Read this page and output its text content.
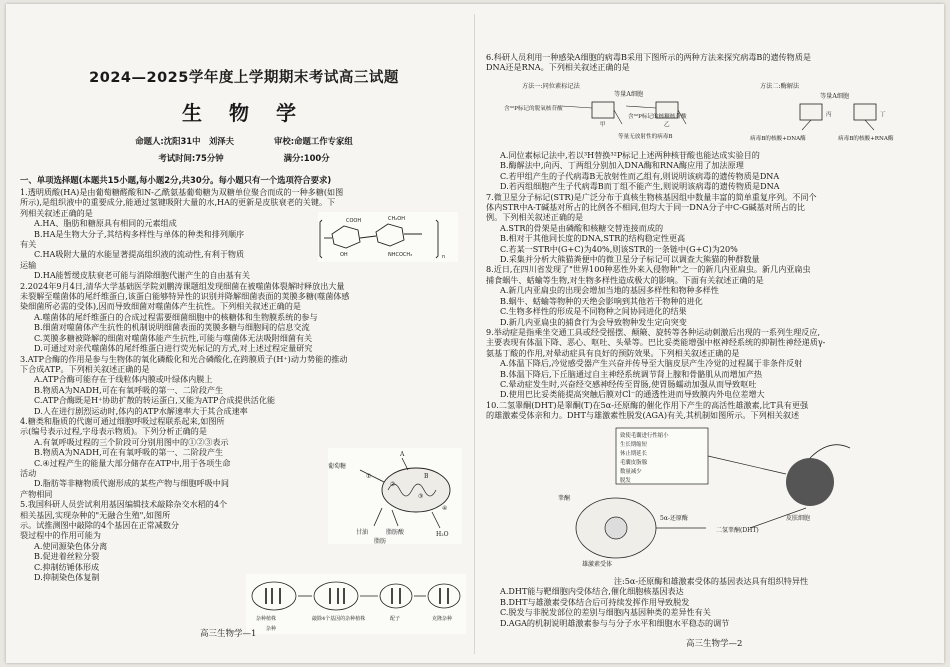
2024—2025学年度上学期期末考试高三试题

生 物 学

命题人:沈阳31中　刘泽夫	审校:命题工作专家组
考试时间:75分钟	满分:100分

一、单项选择题(本题共15小题,每小题2分,共30分。每小题只有一个选项符合要求)

1.透明质酸(HA)是由葡萄糖醛酸和N-乙酰氨基葡萄糖为双糖单位聚合而成的一种多糖(如图

所示),是组织液中的重要成分,能通过氢键吸附大量的水,HA的更新是皮肤衰老的关键。下

列相关叙述正确的是

A.HA、脂肪和糖原具有相同的元素组成

B.HA是生物大分子,其结构多样性与单体的种类和排列顺序

有关

C.HA吸附大量的水能显著提高组织液的流动性,有利于物质

运输

D.HA能暂缓皮肤衰老可能与消除细胞代谢产生的自由基有关

2.2024年9月4日,清华大学基础医学院刘鹏涛课题组发现细菌在被噬菌体裂解时释放出大量

未裂解至噬菌体的尾纤维蛋白,该蛋白能够特异性的识别并降解细菌表面的荚膜多糖(噬菌体感

染细菌所必需的受体),因而导致细菌对噬菌体产生抗性。下列相关叙述正确的是

A.噬菌体的尾纤维蛋白的合成过程需要细菌细胞中的核糖体和生物膜系统的参与

B.细菌对噬菌体产生抗性的机制说明细菌表面的荚膜多糖与细胞间的信息交流

C.荚膜多糖被降解的细菌对噬菌体能产生抗性,可能与噬菌体无法吸附细菌有关

D.可通过对亲代噬菌体的尾纤维蛋白进行荧光标记的方式,对上述过程定量研究

3.ATP合酶的作用是参与生物体的氧化磷酸化和光合磷酸化,在跨膜质子(H⁺)动力势能的推动

下合成ATP。下列相关叙述正确的是

A.ATP合酶可能存在于线粒体内膜或叶绿体内膜上

B.物质A为NADH,可在有氧呼吸的第一、二阶段产生

C.ATP合酶既是H⁺协助扩散的转运蛋白,又能为ATP合成提供活化能

D.人在进行剧烈运动时,体内的ATP水解速率大于其合成速率

4.糖类和脂质的代谢可通过细胞呼吸过程联系起来,如图所

示(编号表示过程,字母表示物质)。下列分析正确的是

A.有氧呼吸过程的三个阶段可分别用图中的①②③表示

B.物质A为NADH,可在有氧呼吸的第一、二阶段产生

C.④过程产生的能量大部分储存在ATP中,用于各项生命

活动

D.脂肪等非糖物质代谢形成的某些产物与细胞呼吸中间

产物相同

5.我国科研人员尝试利用基因编辑技术敲除杂交水稻的4个

相关基因,实现杂种的"无融合生殖",如图所

示。试推测图中敲除的4个基因在正常减数分

裂过程中的作用可能为

A.使同源染色体分离

B.促进着丝粒分裂

C.抑制纺锤体形成

D.抑制染色体复制

COOH
OH
CH₂OH
NHCOCH₃	n
葡萄糖
A
B
H₂O
甘油	脂肪酸
脂肪
①
②
③
④
杂种植株	敲除4个基因的杂种植株	配子	克隆杂种
杂种

高三生物学—1

6.科研人员利用一种感染A细胞的病毒B采用下图所示的两种方法来探究病毒B的遗传物质是

DNA还是RNA。下列相关叙述正确的是

方法一:同位素标记法	方法二:酶解法
等量A细胞	等量A细胞
甲	乙
丙	丁
含³²P标记的脱氧核苷酸
等量无放射性的病毒B
含³²P标记的核糖核苷酸
病毒B的核酸+DNA酶	病毒B的核酸+RNA酶

A.同位素标记法中,若以³H替换³²P标记上述两种核苷酸也能达成实验目的

B.酶解法中,向丙、丁两组分别加入DNA酶和RNA酶应用了加法原理

C.若甲组产生的子代病毒B无放射性而乙组有,则说明该病毒的遗传物质是DNA

D.若丙组细胞产生子代病毒B而丁组不能产生,则说明该病毒的遗传物质是DNA

7.微卫星分子标记(STR)是广泛分布于真核生物核基因组中数量丰富的简单重复序列。不同个

体内STR中A-T碱基对所占的比例各不相同,但均大于同一DNA分子中C-G碱基对所占的比

例。下列相关叙述正确的是

A.STR的骨架是由磷酸和核糖交替连接而成的

B.相对于其他同长度的DNA,STR的结构稳定性更高

C.若某一STR中(G+C)为40%,则该STR的一条链中(G+C)为20%

D.采集并分析大熊猫粪便中的微卫星分子标记可以调查大熊猫的种群数量

8.近日,在四川省发现了"世界100种恶性外来入侵物种"之一的新几内亚扁虫。新几内亚扁虫

捕食蜗牛、蛞蝓等生物,对生物多样性造成极大的影响。下面有关叙述正确的是

A.新几内亚扁虫的出现会增加当地的基因多样性和物种多样性

B.蜗牛、蛞蝓等物种的天绝会影响到其他若干物种的进化

C.生物多样性的形成是不同物种之间协同进化的结果

D.新几内亚扁虫的捕食行为会导致物种发生定向突变

9.举动症是指乘坐交通工具或经受摇摆、颠簸、旋转等各种运动刺激后出现的一系列生理反应,

主要表现有体温下降、恶心、呕吐、头晕等。巴比妥类能增强中枢神经系统的抑制性神经递质γ-

氨基丁酸的作用,对晕动症具有良好的预防效果。下列相关叙述正确的是

A.体温下降后,冷觉感受器产生兴奋并传导至大脑皮层产生冷觉的过程属于非条件反射

B.体温下降后,下丘脑通过自主神经系统调节肾上腺和骨骼肌从而增加产热

C.晕动症发生时,兴奋经交感神经传至胃肠,使胃肠蠕动加强从而导致呕吐

D.使用巴比妥类能提高突触后膜对Cl⁻的通透性进而导致膜内外电位差增大

10.二氢睾酮(DHT)是睾酮(T)在5α-还原酶的催化作用下产生的高活性雄激素,比T具有更强

的雄激素受体亲和力。DHT与雄激素性脱发(AGA)有关,其机制如图所示。下列相关叙述

致使毛囊进行性缩小
生长期缩短
休止期延长
毛囊皮脂腺
数量减少
脱发
睾酮
二氢睾酮(DHT)
5α-还原酶
雄激素受体
皮肤细胞

注:5α-还原酶和雄激素受体的基因表达具有组织特异性

A.DHT能与靶细胞内受体结合,催化细胞核基因表达

B.DHT与雄激素受体结合后可持续发挥作用导致脱发

C.脱发与非脱发部位的差别与细胞内基因种类的差异性有关

D.AGA的机制说明雄激素参与与分子水平和细胞水平稳态的调节

高三生物学—2
